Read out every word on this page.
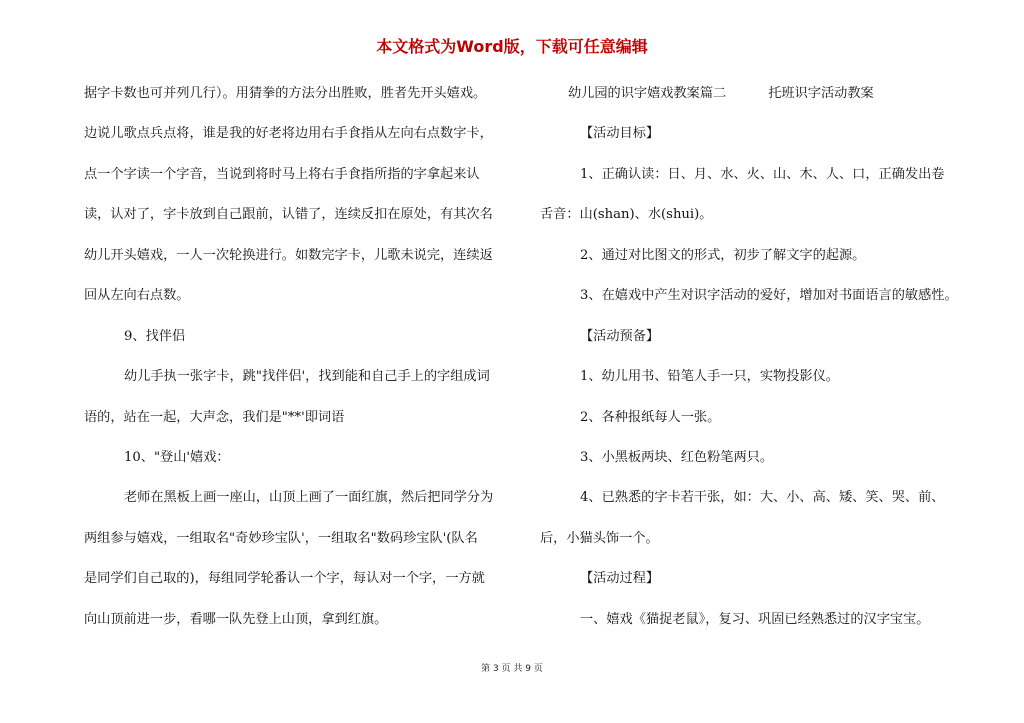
本文格式为Word版，下载可任意编辑
据字卡数也可并列几行）。用猜拳的方法分出胜败，胜者先开头嬉戏。
边说儿歌点兵点将，谁是我的好老将边用右手食指从左向右点数字卡，
点一个字读一个字音，当说到将时马上将右手食指所指的字拿起来认
读，认对了，字卡放到自己跟前，认错了，连续反扣在原处，有其次名
幼儿开头嬉戏，一人一次轮换进行。如数完字卡，儿歌未说完，连续返
回从左向右点数。
9、找伴侣
幼儿手执一张字卡，跳"找伴侣'，找到能和自己手上的字组成词
语的，站在一起，大声念，我们是"**'即词语
10、"登山'嬉戏：
老师在黑板上画一座山，山顶上画了一面红旗，然后把同学分为
两组参与嬉戏，一组取名"奇妙珍宝队'，一组取名"数码珍宝队'(队名
是同学们自己取的)，每组同学轮番认一个字，每认对一个字，一方就
向山顶前进一步，看哪一队先登上山顶，拿到红旗。
幼儿园的识字嬉戏教案篇二	托班识字活动教案
【活动目标】
1、正确认读：日、月、水、火、山、木、人、口，正确发出卷
舌音：山(shan)、水(shui)。
2、通过对比图文的形式，初步了解文字的起源。
3、在嬉戏中产生对识字活动的爱好，增加对书面语言的敏感性。
【活动预备】
1、幼儿用书、铅笔人手一只，实物投影仪。
2、各种报纸每人一张。
3、小黑板两块、红色粉笔两只。
4、已熟悉的字卡若干张，如：大、小、高、矮、笑、哭、前、
后，小猫头饰一个。
【活动过程】
一、嬉戏《猫捉老鼠》，复习、巩固已经熟悉过的汉字宝宝。
第 3 页 共 9 页
